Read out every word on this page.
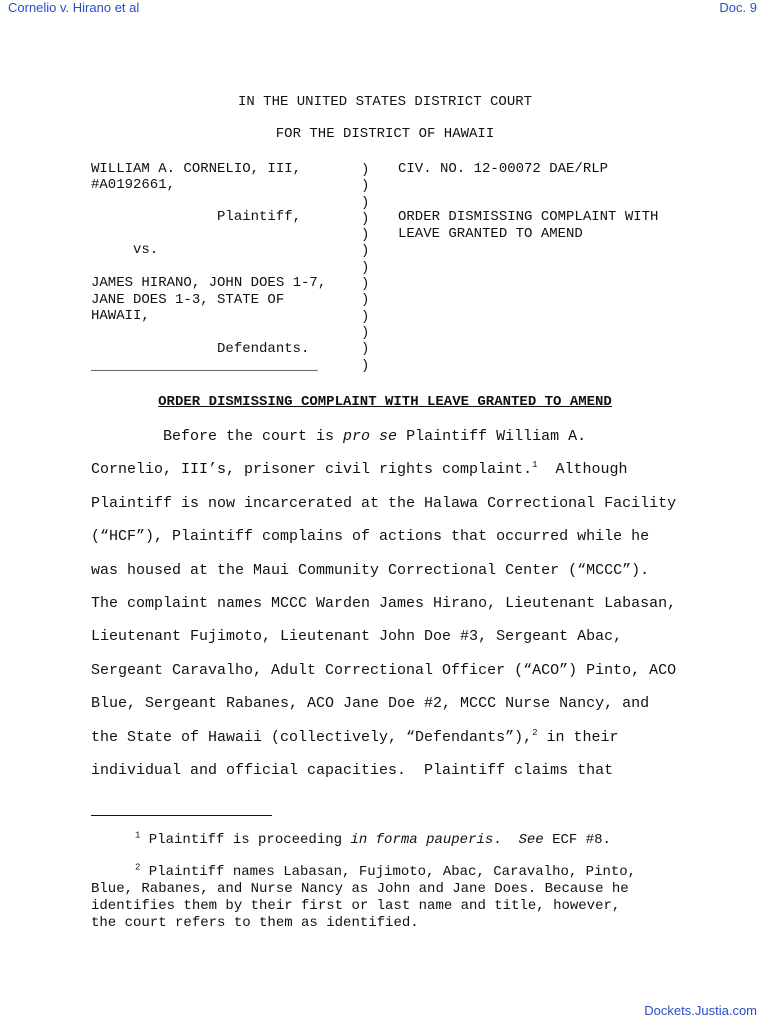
Cornelio v. Hirano et al	Doc. 9
Dockets.Justia.com
IN THE UNITED STATES DISTRICT COURT
FOR THE DISTRICT OF HAWAII
WILLIAM A. CORNELIO, III,
#A0192661,
Plaintiff,
vs.
JAMES HIRANO, JOHN DOES 1-7,
JANE DOES 1-3, STATE OF
HAWAII,
Defendants.
___________________________
)
)
)
)
)
)
)
)
)
)
)
)
)
CIV. NO. 12-00072 DAE/RLP
ORDER DISMISSING COMPLAINT WITH
LEAVE GRANTED TO AMEND
ORDER DISMISSING COMPLAINT WITH LEAVE GRANTED TO AMEND
Before the court is pro se Plaintiff William A.
Cornelio, III’s, prisoner civil rights complaint.$^1$  Although
Plaintiff is now incarcerated at the Halawa Correctional Facility
(“HCF”), Plaintiff complains of actions that occurred while he
was housed at the Maui Community Correctional Center (“MCCC”).
The complaint names MCCC Warden James Hirano, Lieutenant Labasan,
Lieutenant Fujimoto, Lieutenant John Doe #3, Sergeant Abac,
Sergeant Caravalho, Adult Correctional Officer (“ACO”) Pinto, ACO
Blue, Sergeant Rabanes, ACO Jane Doe #2, MCCC Nurse Nancy, and
the State of Hawaii (collectively, “Defendants”),$^2$ in their
individual and official capacities.  Plaintiff claims that
$^1$ Plaintiff is proceeding in forma pauperis.  See ECF #8.
$^2$ Plaintiff names Labasan, Fujimoto, Abac, Caravalho, Pinto,
Blue, Rabanes, and Nurse Nancy as John and Jane Does. Because he
identifies them by their first or last name and title, however,
the court refers to them as identified.
